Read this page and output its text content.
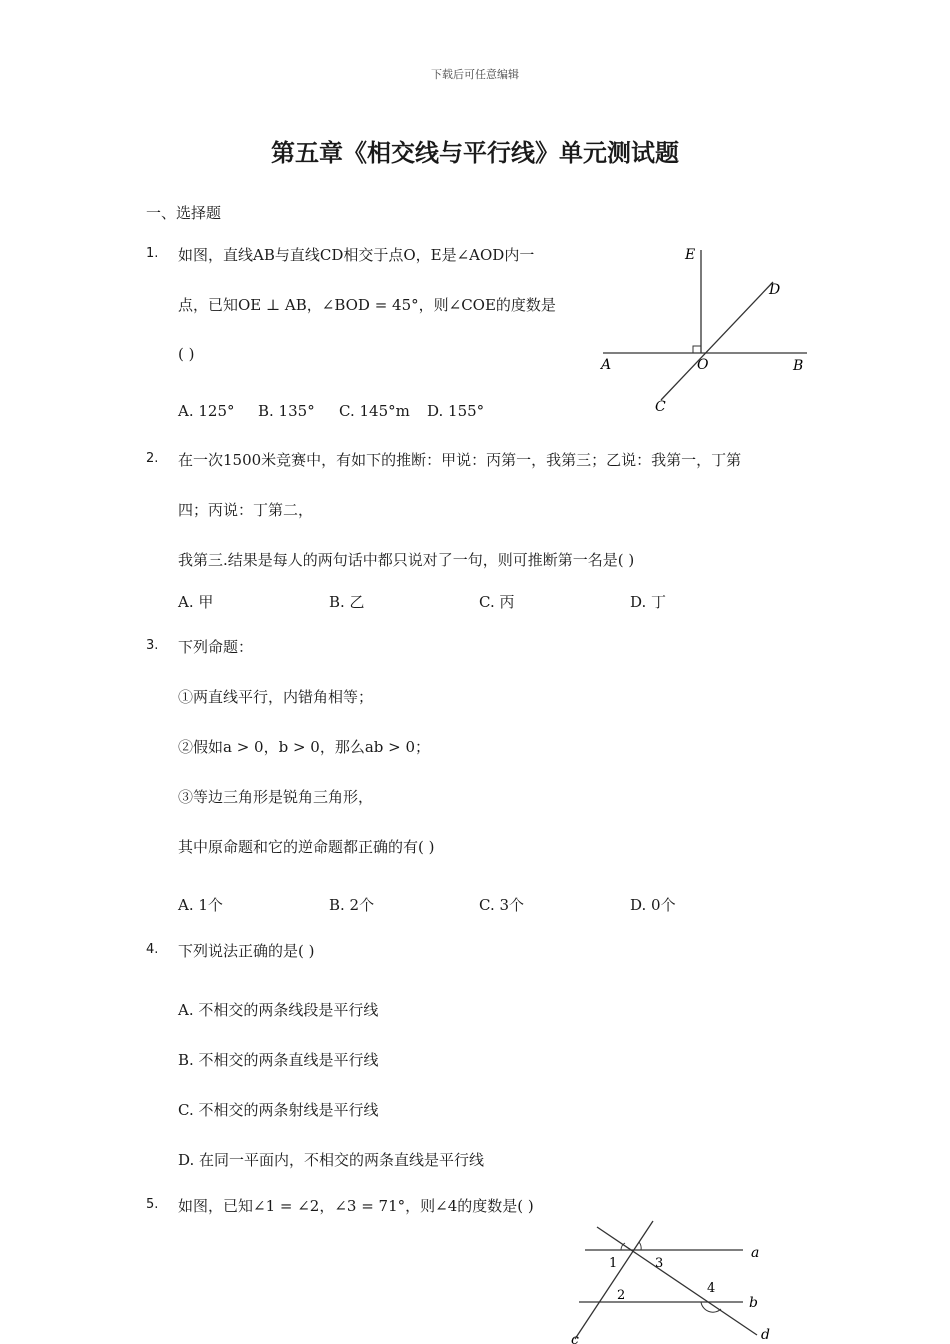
下载后可任意编辑
第五章《相交线与平行线》单元测试题
一、选择题
1. 如图，直线AB与直线CD相交于点O，E是∠AOD内一
点，已知OE ⊥ AB，∠BOD = 45°，则∠COE的度数是
( )
A. 125° B. 135° C. 145°m D. 155°
E
D
A	O	B
C
2. 在一次1500米竞赛中，有如下的推断：甲说：丙第一，我第三；乙说：我第一，丁第
四；丙说：丁第二，
我第三.结果是每人的两句话中都只说对了一句，则可推断第一名是( )
A. 甲	B. 乙	C. 丙	D. 丁
3. 下列命题：
①两直线平行，内错角相等；
②假如a > 0，b > 0，那么ab > 0；
③等边三角形是锐角三角形，
其中原命题和它的逆命题都正确的有( )
A. 1个	B. 2个	C. 3个	D. 0个
4. 下列说法正确的是( )
A. 不相交的两条线段是平行线
B. 不相交的两条直线是平行线
C. 不相交的两条射线是平行线
D. 在同一平面内，不相交的两条直线是平行线
5. 如图，已知∠1 = ∠2，∠3 = 71°，则∠4的度数是( )
a
b
c	d
1
2
3
4
